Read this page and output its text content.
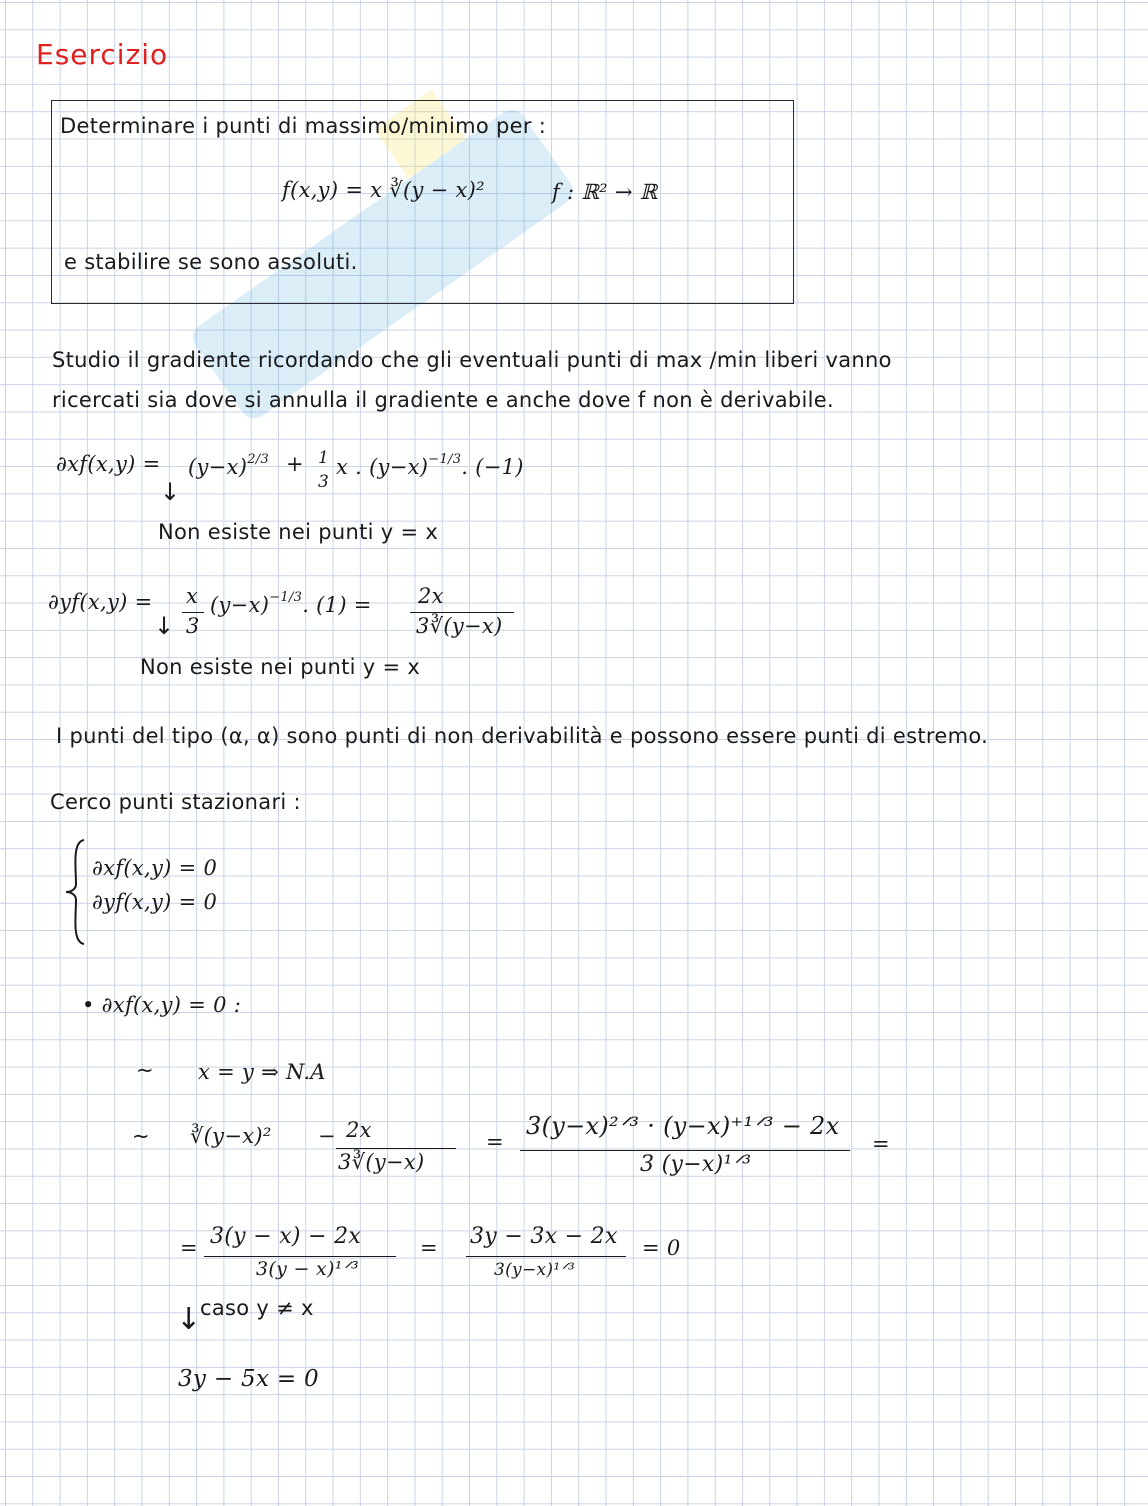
Esercizio
Determinare i punti di massimo/minimo per :
f(x,y) = x ∛(y − x)²	f : ℝ² → ℝ
e stabilire se sono assoluti.
Studio il gradiente ricordando che gli eventuali punti di max /min liberi vanno
ricercati sia dove si annulla il gradiente e anche dove f non è derivabile.
$\partial xf(x,y) = (y-x)^{2/3} + 1$
3
x . $(y-x)^{-1/3}$. (−1)
↓
Non esiste nei punti y = x
∂yf(x,y) = x
3
$(y-x)^{-1/3}$. (1) = 2x
3∛(y−x)
↓
Non esiste nei punti y = x
I punti del tipo (α, α) sono punti di non derivabilità e possono essere punti di estremo.
Cerco punti stazionari :
∂xf(x,y) = 0
∂yf(x,y) = 0
• ∂xf(x,y) = 0 :
∼ x = y ⇒ N.A
∼ ∛(y−x)² − 2x
3∛(y−x)
=
3(y−x)²ᐟ³ · (y−x)⁺¹ᐟ³ − 2x
3 (y−x)¹ᐟ³
=
= 3(y − x) − 2x
3(y − x)¹ᐟ³
= 3y − 3x − 2x
3(y−x)¹ᐟ³
= 0
↓
caso y ≠ x
3y − 5x = 0
